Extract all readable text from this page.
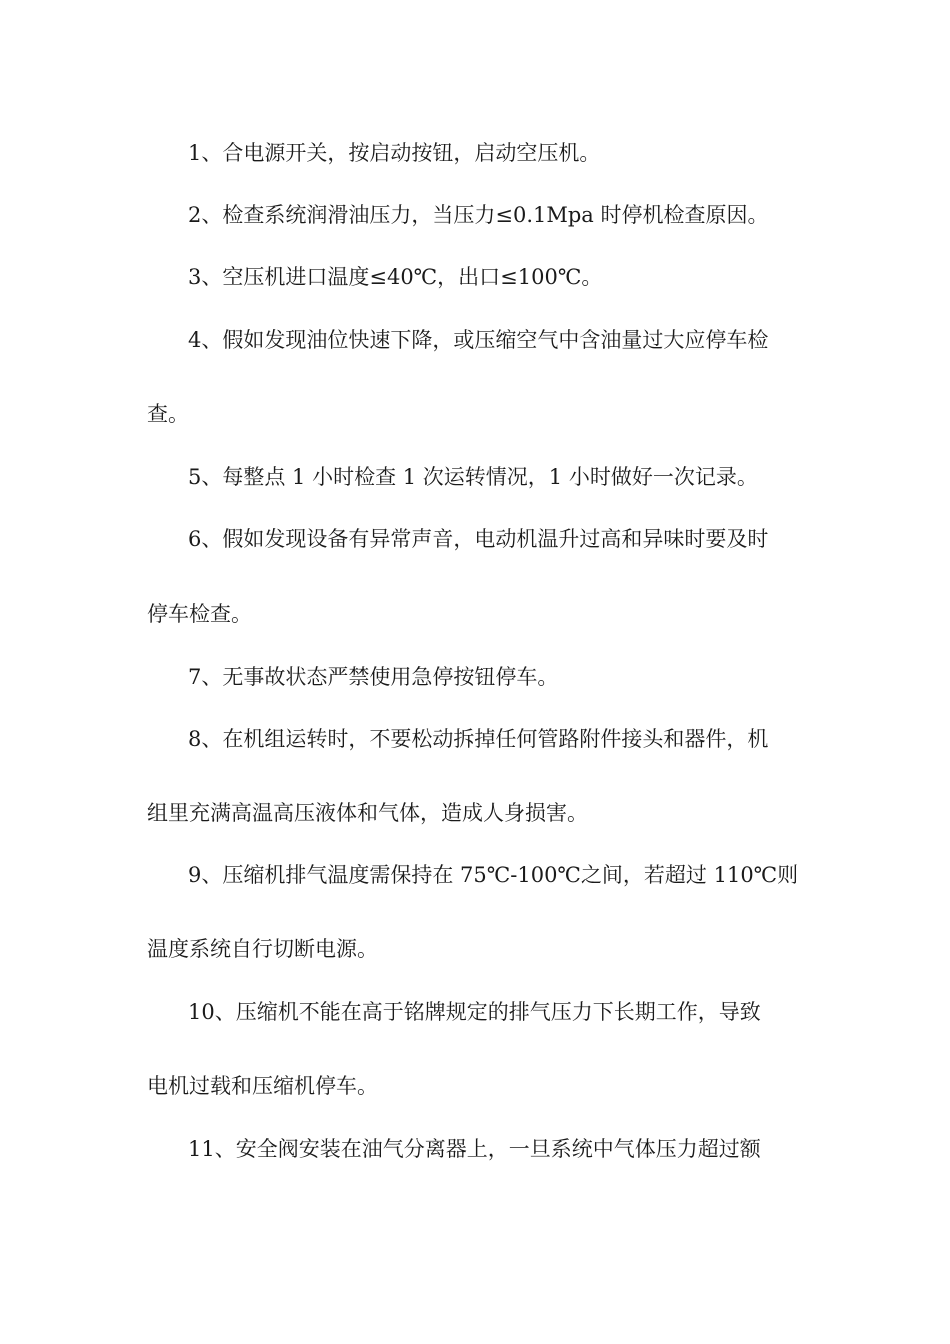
1、合电源开关，按启动按钮，启动空压机。
2、检查系统润滑油压力，当压力≤0.1Mpa 时停机检查原因。
3、空压机进口温度≤40℃，出口≤100℃。
4、假如发现油位快速下降，或压缩空气中含油量过大应停车检
查。
5、每整点 1 小时检查 1 次运转情况，1 小时做好一次记录。
6、假如发现设备有异常声音，电动机温升过高和异味时要及时
停车检查。
7、无事故状态严禁使用急停按钮停车。
8、在机组运转时，不要松动拆掉任何管路附件接头和器件，机
组里充满高温高压液体和气体，造成人身损害。
9、压缩机排气温度需保持在 75℃-100℃之间，若超过 110℃则
温度系统自行切断电源。
10、压缩机不能在高于铭牌规定的排气压力下长期工作，导致
电机过载和压缩机停车。
11、安全阀安装在油气分离器上，一旦系统中气体压力超过额
